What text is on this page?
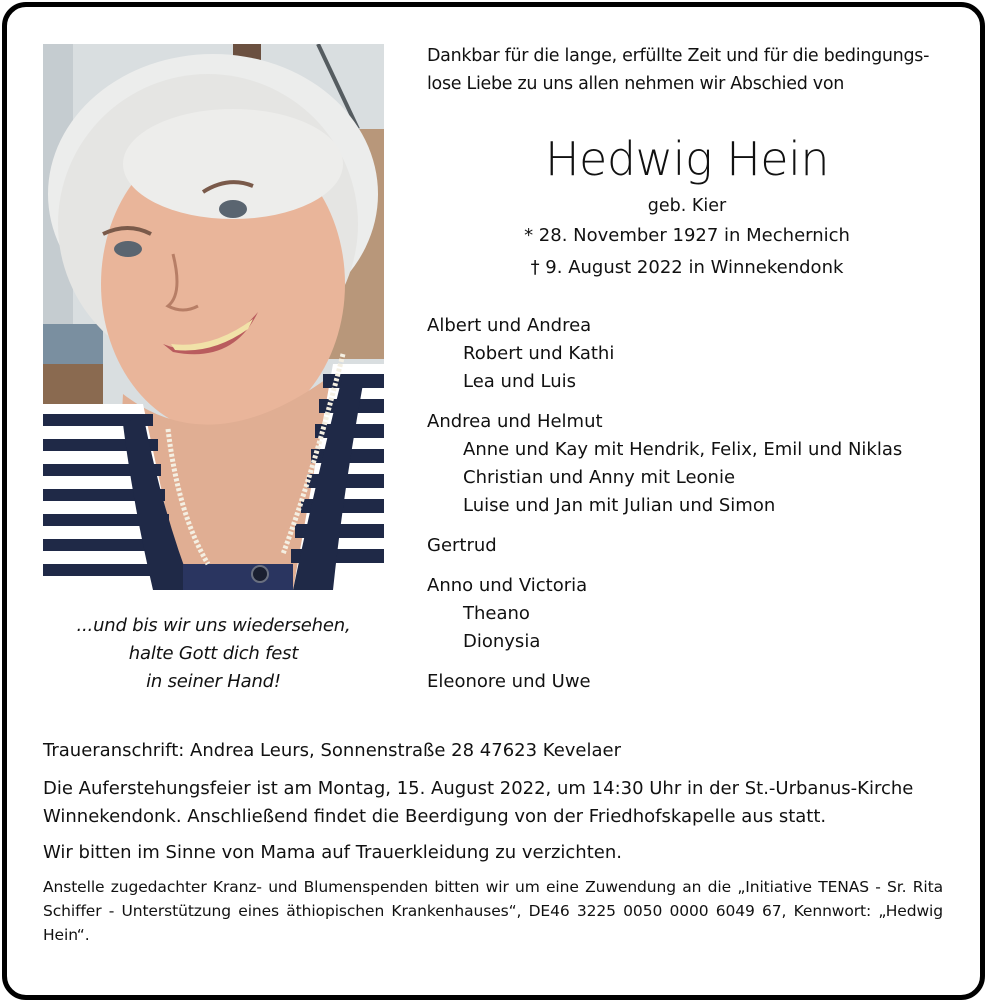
...und bis wir uns wiedersehen,
halte Gott dich fest
in seiner Hand!
Dankbar für die lange, erfüllte Zeit und für die bedingungs-
lose Liebe zu uns allen nehmen wir Abschied von
Hedwig Hein
geb. Kier
* 28. November 1927 in Mechernich
† 9. August 2022 in Winnekendonk
Albert und Andrea
Robert und Kathi
Lea und Luis
Andrea und Helmut
Anne und Kay mit Hendrik, Felix, Emil und Niklas
Christian und Anny mit Leonie
Luise und Jan mit Julian und Simon
Gertrud
Anno und Victoria
Theano
Dionysia
Eleonore und Uwe

Traueranschrift: Andrea Leurs, Sonnenstraße 28 47623 Kevelaer

Die Auferstehungsfeier ist am Montag, 15. August 2022, um 14:30 Uhr in der St.-Urbanus-Kirche Winnekendonk. Anschließend findet die Beerdigung von der Friedhofskapelle aus statt.

Wir bitten im Sinne von Mama auf Trauerkleidung zu verzichten.

Anstelle zugedachter Kranz- und Blumenspenden bitten wir um eine Zuwendung an die „Initiative TENAS - Sr. Rita Schiffer - Unterstützung eines äthiopischen Krankenhauses“, DE46 3225 0050 0000 6049 67, Kennwort: „Hedwig Hein“.
